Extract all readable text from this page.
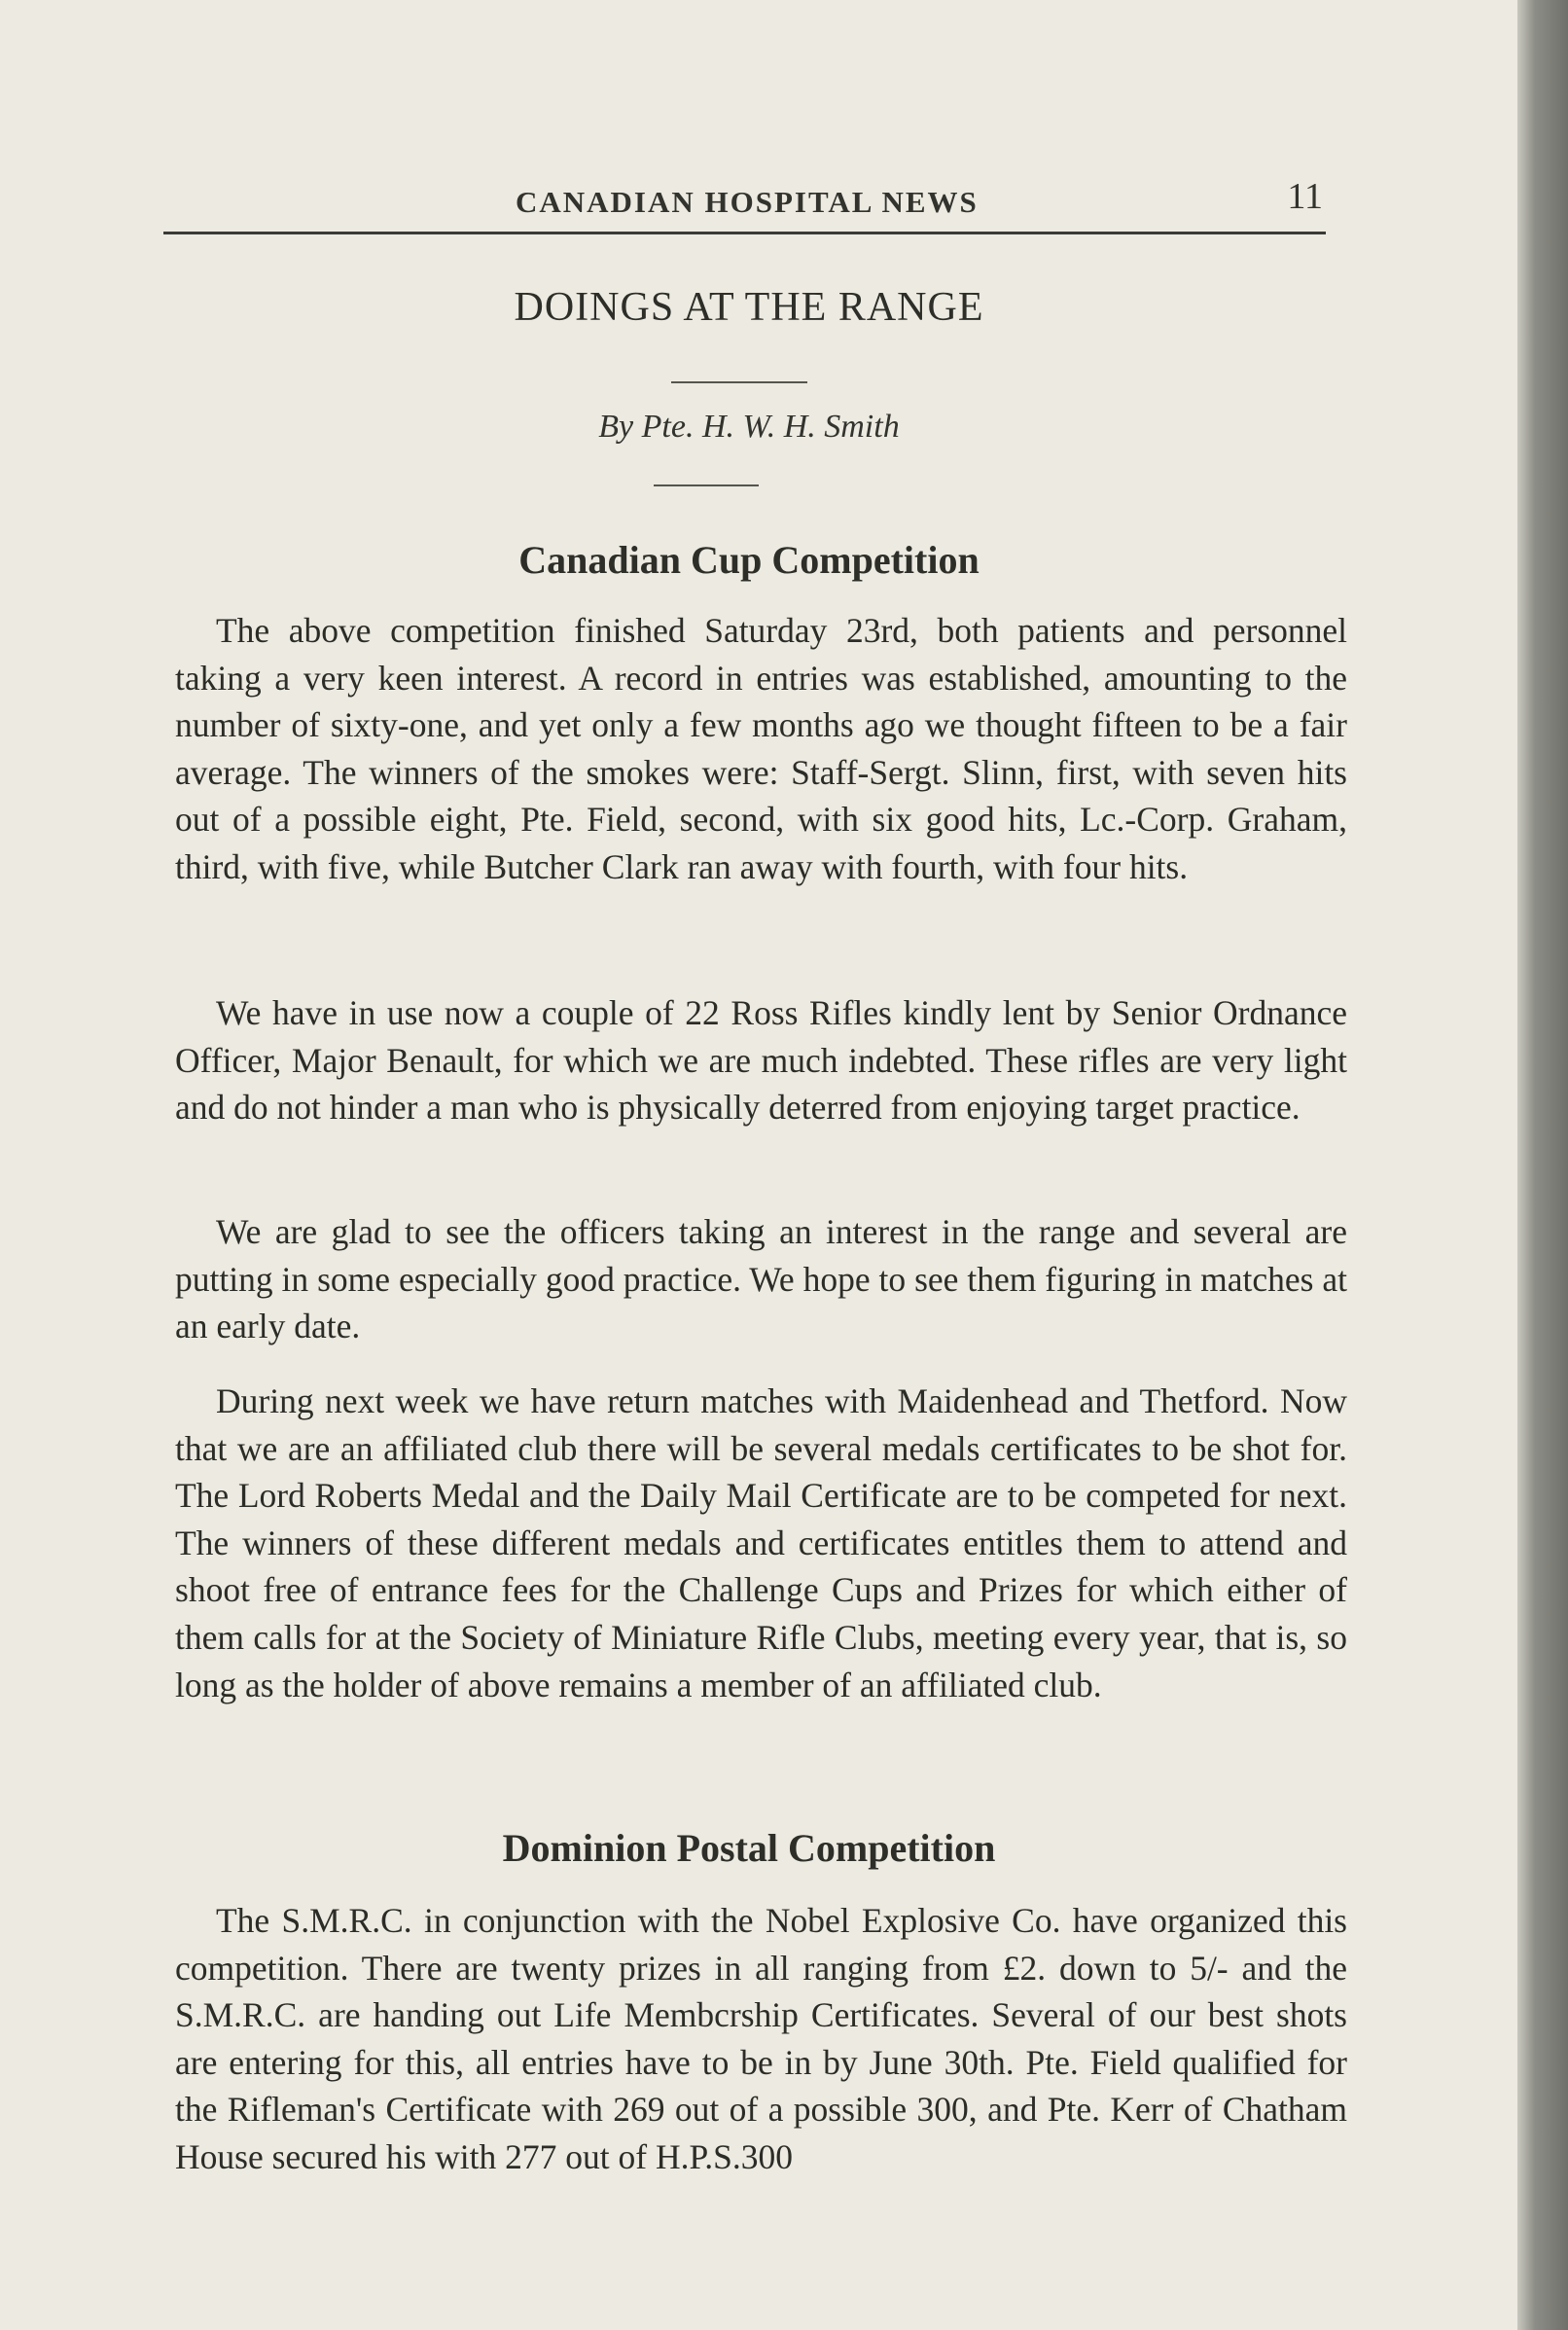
CANADIAN HOSPITAL NEWS	11
DOINGS AT THE RANGE
By Pte. H. W. H. Smith
Canadian Cup Competition

The above competition finished Saturday 23rd, both patients and personnel taking a very keen interest. A record in entries was established, amounting to the number of sixty-one, and yet only a few months ago we thought fifteen to be a fair average. The winners of the smokes were: Staff-Sergt. Slinn, first, with seven hits out of a possible eight, Pte. Field, second, with six good hits, Lc.-Corp. Graham, third, with five, while Butcher Clark ran away with fourth, with four hits.

We have in use now a couple of 22 Ross Rifles kindly lent by Senior Ordnance Officer, Major Benault, for which we are much indebted. These rifles are very light and do not hinder a man who is physically deterred from enjoying target practice.

We are glad to see the officers taking an interest in the range and several are putting in some especially good practice. We hope to see them figuring in matches at an early date.

During next week we have return matches with Maidenhead and Thetford. Now that we are an affiliated club there will be several medals certificates to be shot for. The Lord Roberts Medal and the Daily Mail Certificate are to be competed for next. The winners of these different medals and certificates entitles them to attend and shoot free of entrance fees for the Challenge Cups and Prizes for which either of them calls for at the Society of Miniature Rifle Clubs, meeting every year, that is, so long as the holder of above remains a member of an affiliated club.

Dominion Postal Competition

The S.M.R.C. in conjunction with the Nobel Explosive Co. have organized this competition. There are twenty prizes in all ranging from £2. down to 5/- and the S.M.R.C. are handing out Life Membcrship Certificates. Several of our best shots are entering for this, all entries have to be in by June 30th. Pte. Field qualified for the Rifleman's Certificate with 269 out of a possible 300, and Pte. Kerr of Chatham House secured his with 277 out of H.P.S.300
